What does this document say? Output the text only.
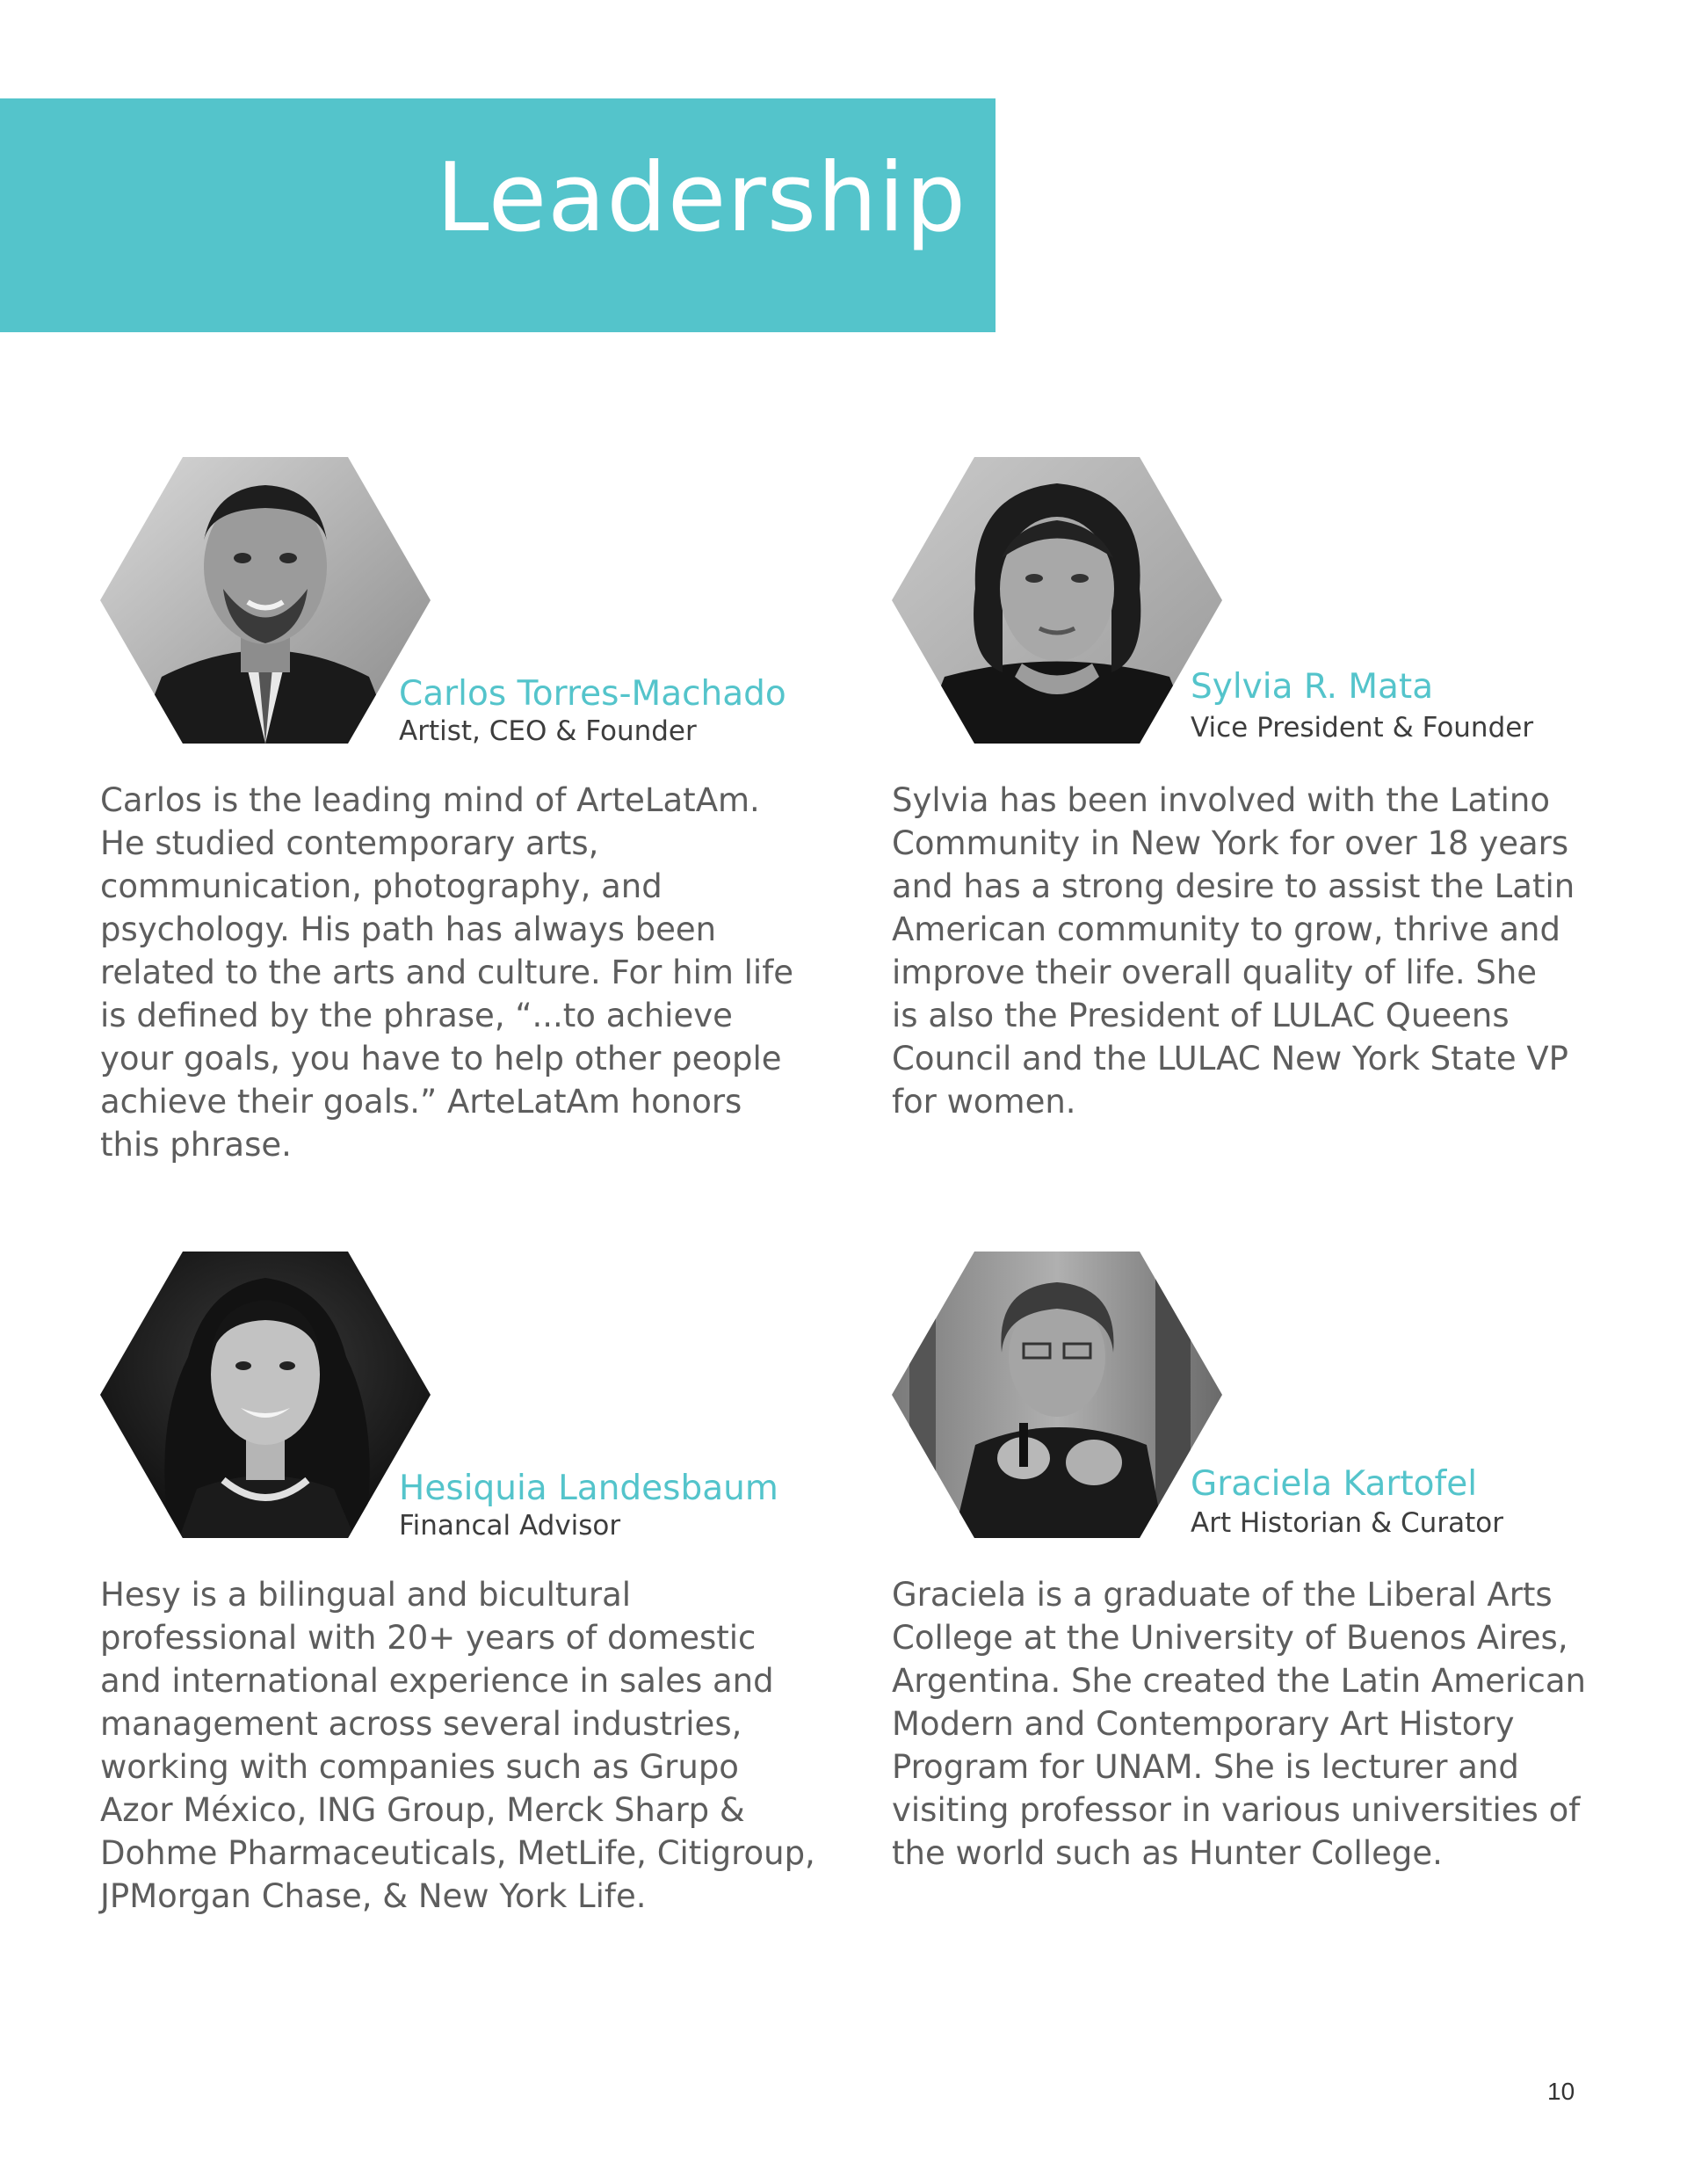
Leadership
Carlos Torres-Machado
Artist, CEO & Founder

Carlos is the leading mind of ArteLatAm.
He studied contemporary arts,
communication, photography, and
psychology. His path has always been
related to the arts and culture. For him life
is defined by the phrase, “...to achieve
your goals, you have to help other people
achieve their goals.” ArteLatAm honors
this phrase.

Sylvia R. Mata
Vice President & Founder

Sylvia has been involved with the Latino
Community in New York for over 18 years
and has a strong desire to assist the Latin
American community to grow, thrive and
improve their overall quality of life. She
is also the President of LULAC Queens
Council and the LULAC New York State VP
for women.

Hesiquia Landesbaum
Financal Advisor

Hesy is a bilingual and bicultural
professional with 20+ years of domestic
and international experience in sales and
management across several industries,
working with companies such as Grupo
Azor México, ING Group, Merck Sharp &
Dohme Pharmaceuticals, MetLife, Citigroup,
JPMorgan Chase, & New York Life.

Graciela Kartofel
Art Historian & Curator

Graciela is a graduate of the Liberal Arts
College at the University of Buenos Aires,
Argentina. She created the Latin American
Modern and Contemporary Art History
Program for UNAM. She is lecturer and
visiting professor in various universities of
the world such as Hunter College.

10
